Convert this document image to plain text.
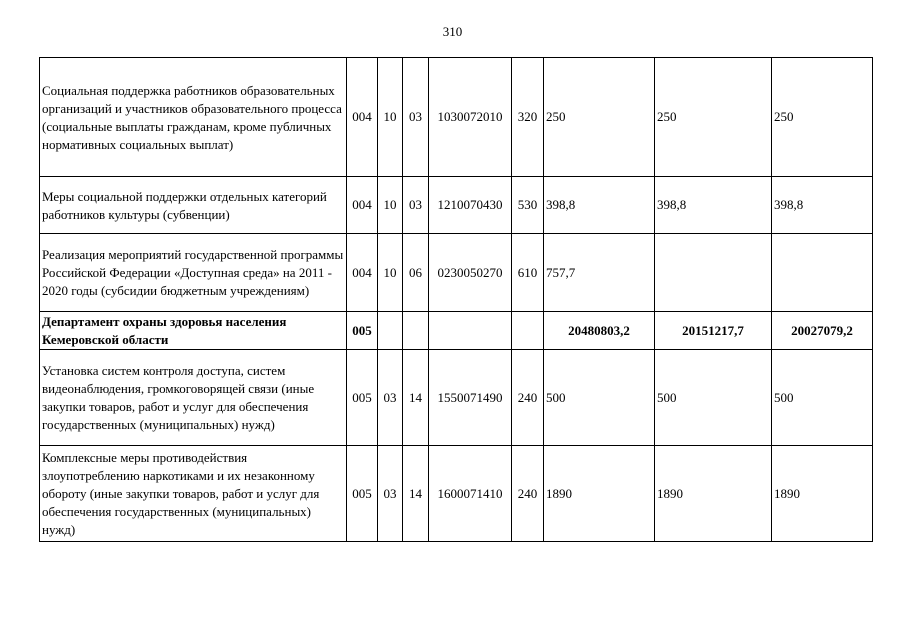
310
Социальная поддержка работников образовательных организаций и участников образовательного процесса (социальные выплаты гражданам, кроме публичных нормативных социальных выплат)	004	10	03	1030072010	320	250	250	250
Меры социальной поддержки отдельных категорий работников культуры (субвенции)	004	10	03	1210070430	530	398,8	398,8	398,8
Реализация мероприятий государственной программы Российской Федерации «Доступная среда» на 2011 - 2020 годы (субсидии бюджетным учреждениям)	004	10	06	0230050270	610	757,7		
Департамент охраны здоровья населения Кемеровской области	005					20480803,2	20151217,7	20027079,2
Установка систем контроля доступа, систем видеонаблюдения, громкоговорящей связи (иные закупки товаров, работ и услуг для обеспечения государственных (муниципальных) нужд)	005	03	14	1550071490	240	500	500	500
Комплексные меры противодействия злоупотреблению наркотиками и их незаконному обороту (иные закупки товаров, работ и услуг для обеспечения государственных (муниципальных) нужд)	005	03	14	1600071410	240	1890	1890	1890
